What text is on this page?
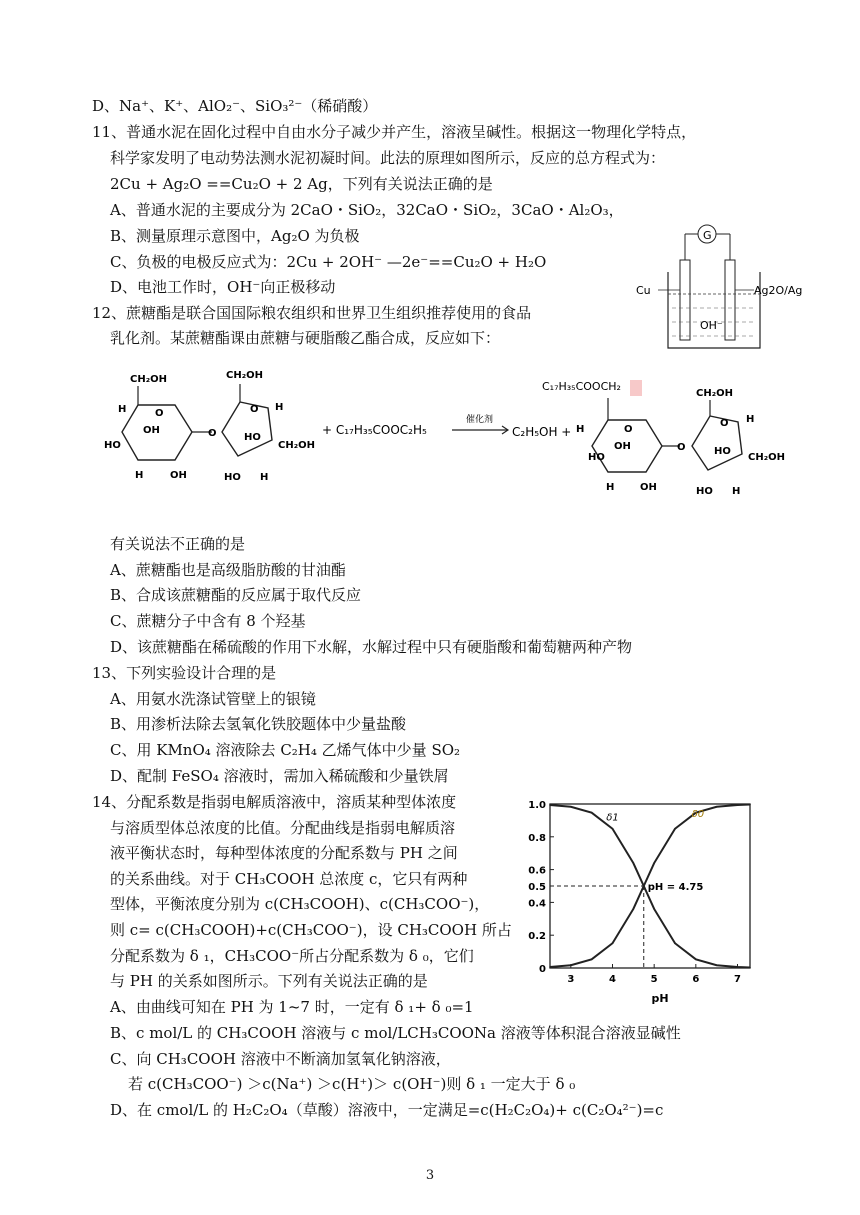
D、Na⁺、K⁺、AlO₂⁻、SiO₃²⁻（稀硝酸）
11、普通水泥在固化过程中自由水分子减少并产生，溶液呈碱性。根据这一物理化学特点，
科学家发明了电动势法测水泥初凝时间。此法的原理如图所示，反应的总方程式为：
2Cu + Ag₂O ==Cu₂O + 2 Ag，下列有关说法正确的是
A、普通水泥的主要成分为 2CaO・SiO₂，32CaO・SiO₂，3CaO・Al₂O₃，
B、测量原理示意图中，Ag₂O 为负极
C、负极的电极反应式为：2Cu + 2OH⁻ —2e⁻==Cu₂O + H₂O
D、电池工作时，OH⁻向正极移动
G
OH⁻
Cu	Ag2O/Ag
12、蔗糖酯是联合国国际粮农组织和世界卫生组织推荐使用的食品
乳化剂。某蔗糖酯课由蔗糖与硬脂酸乙酯合成，反应如下：
CH₂OH
O
H
HO
OH
H	OH
O
CH₂OH
O H
CH₂OH
HO
HO H
+ C₁₇H₃₅COOC₂H₅
催化剂
C₂H₅OH +
C₁₇H₃₅COOCH₂
O
H
HO
OH
H	OH
O
CH₂OH
O H
CH₂OH
HO
HO H
有关说法不正确的是
A、蔗糖酯也是高级脂肪酸的甘油酯
B、合成该蔗糖酯的反应属于取代反应
C、蔗糖分子中含有 8 个羟基
D、该蔗糖酯在稀硫酸的作用下水解，水解过程中只有硬脂酸和葡萄糖两种产物
13、下列实验设计合理的是
A、用氨水洗涤试管壁上的银镜
B、用渗析法除去氢氧化铁胶题体中少量盐酸
C、用 KMnO₄ 溶液除去 C₂H₄ 乙烯气体中少量 SO₂
D、配制 FeSO₄ 溶液时，需加入稀硫酸和少量铁屑
14、分配系数是指弱电解质溶液中，溶质某种型体浓度
与溶质型体总浓度的比值。分配曲线是指弱电解质溶
液平衡状态时，每种型体浓度的分配系数与 PH 之间
的关系曲线。对于 CH₃COOH 总浓度 c，它只有两种
型体，平衡浓度分别为 c(CH₃COOH)、c(CH₃COO⁻)，
则 c= c(CH₃COOH)+c(CH₃COO⁻)，设 CH₃COOH 所占
分配系数为 δ ₁，CH₃COO⁻所占分配系数为 δ ₀，它们
与 PH 的关系如图所示。下列有关说法正确的是
A、由曲线可知在 PH 为 1~7 时，一定有 δ ₁+ δ ₀=1
B、c mol/L 的 CH₃COOH 溶液与 c mol/LCH₃COONa 溶液等体积混合溶液显碱性
C、向 CH₃COOH 溶液中不断滴加氢氧化钠溶液，
若 c(CH₃COO⁻) ＞c(Na⁺) ＞c(H⁺)＞ c(OH⁻)则 δ ₁ 一定大于 δ ₀
D、在 cmol/L 的 H₂C₂O₄（草酸）溶液中，一定满足=c(H₂C₂O₄)+ c(C₂O₄²⁻)=c
0
0.2
0.4
0.5
0.6
0.8
1.0
3	4	5	6	7
pH
δ1	δ0
pH = 4.75
3
